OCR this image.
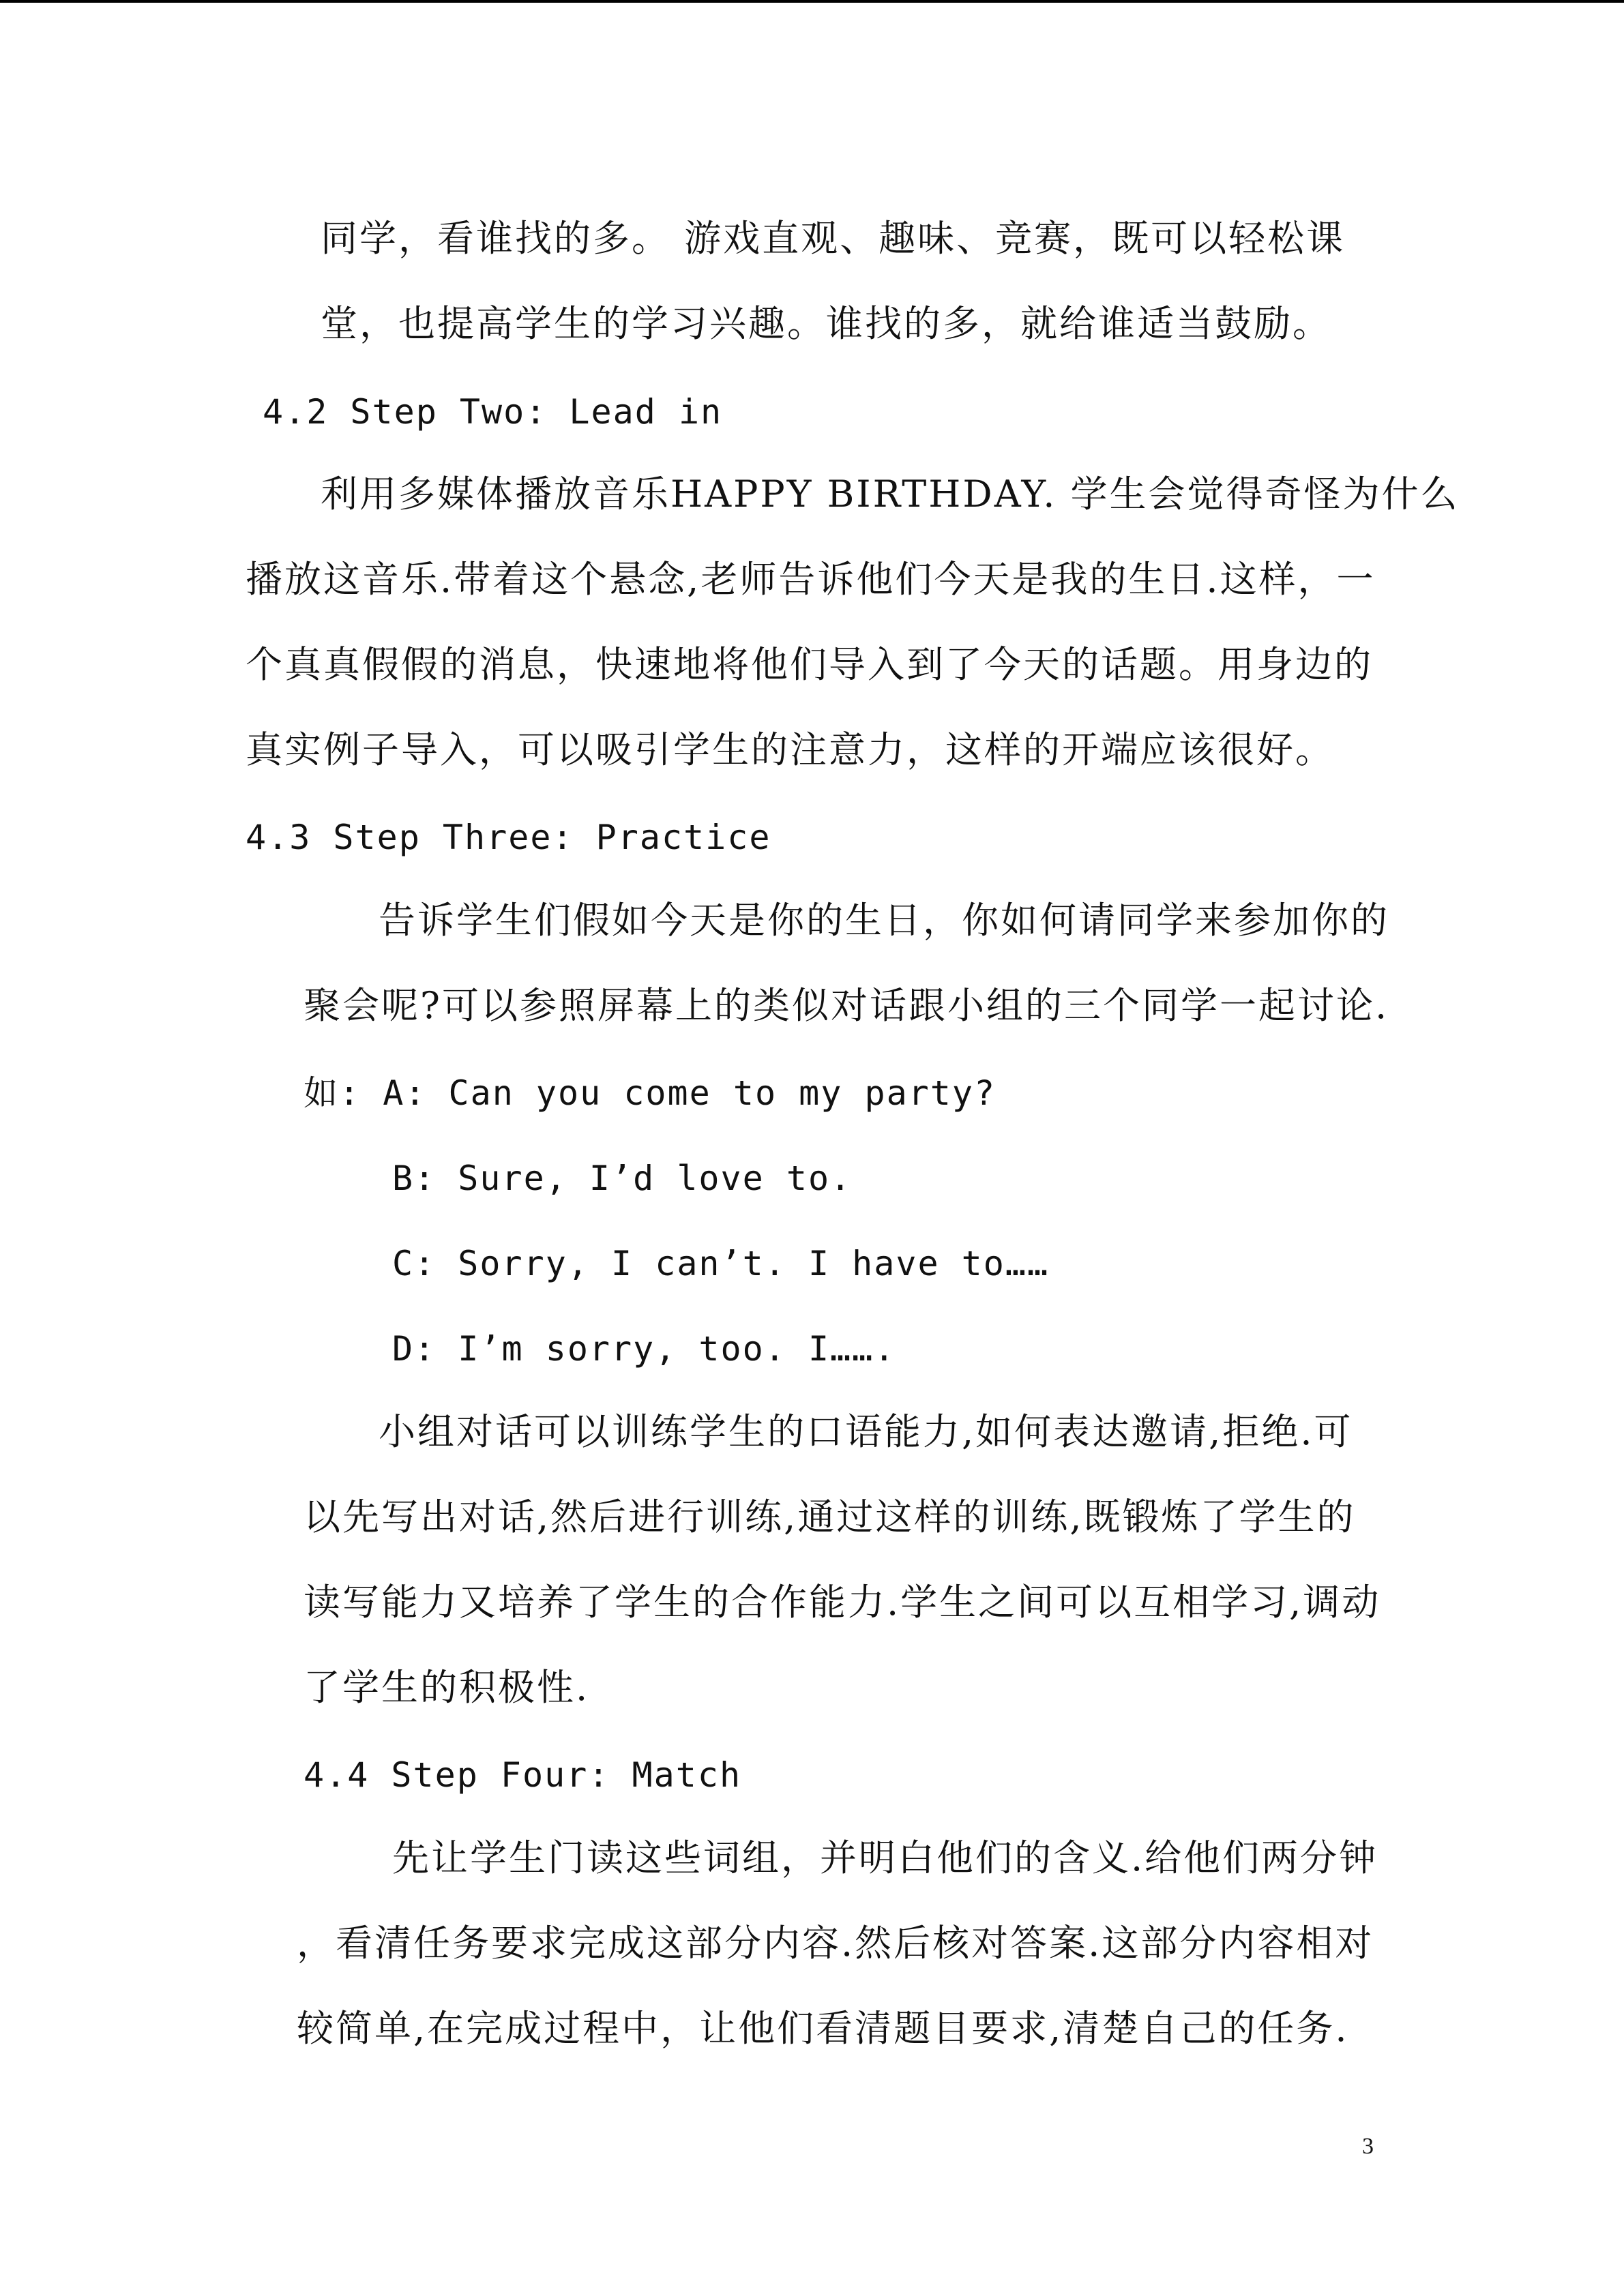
同学，看谁找的多。 游戏直观、趣味、竞赛，既可以轻松课
堂，也提高学生的学习兴趣。谁找的多，就给谁适当鼓励。
4.2 Step Two: Lead in
利用多媒体播放音乐HAPPY BIRTHDAY. 学生会觉得奇怪为什么
播放这音乐.带着这个悬念,老师告诉他们今天是我的生日.这样，一
个真真假假的消息，快速地将他们导入到了今天的话题。用身边的
真实例子导入，可以吸引学生的注意力，这样的开端应该很好。
4.3 Step Three: Practice
告诉学生们假如今天是你的生日，你如何请同学来参加你的
聚会呢?可以参照屏幕上的类似对话跟小组的三个同学一起讨论.
如: A: Can you come to my party?
B: Sure, I’d love to.
C: Sorry, I can’t. I have to……
D: I’m sorry, too. I…….
小组对话可以训练学生的口语能力,如何表达邀请,拒绝.可
以先写出对话,然后进行训练,通过这样的训练,既锻炼了学生的
读写能力又培养了学生的合作能力.学生之间可以互相学习,调动
了学生的积极性.
4.4 Step Four: Match
先让学生门读这些词组，并明白他们的含义.给他们两分钟
，看清任务要求完成这部分内容.然后核对答案.这部分内容相对
较简单,在完成过程中，让他们看清题目要求,清楚自己的任务.
3
